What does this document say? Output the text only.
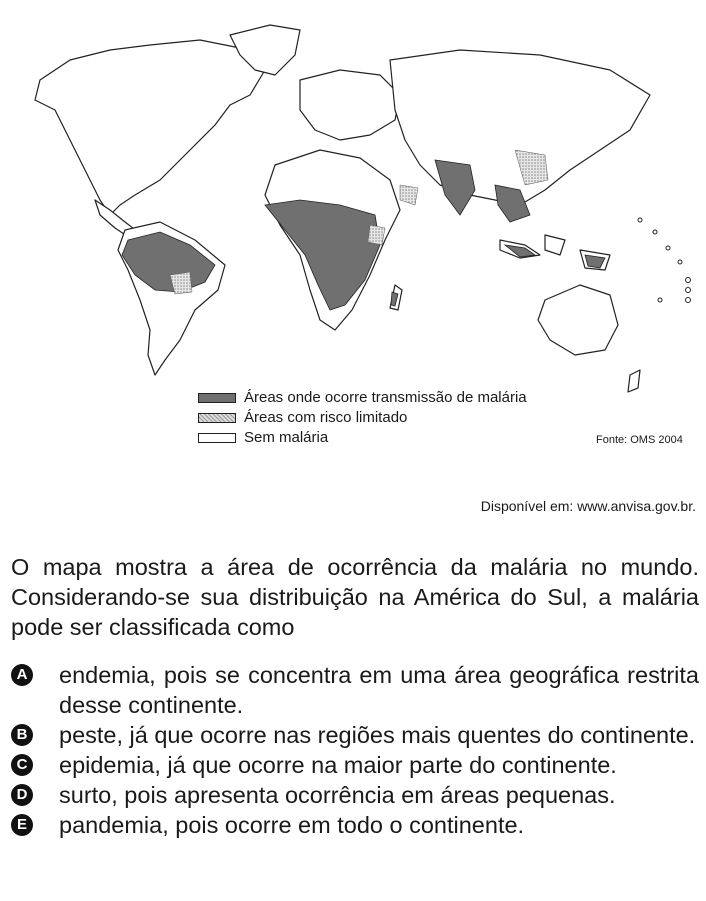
Áreas onde ocorre transmissão de malária
Áreas com risco limitado
Sem malária	Fonte: OMS 2004
Disponível em: www.anvisa.gov.br.

O mapa mostra a área de ocorrência da malária no mundo. Considerando-se sua distribuição na América do Sul, a malária pode ser classificada como

A endemia, pois se concentra em uma área geográfica restrita desse continente.
B peste, já que ocorre nas regiões mais quentes do continente.
C epidemia, já que ocorre na maior parte do continente.
D surto, pois apresenta ocorrência em áreas pequenas.
E pandemia, pois ocorre em todo o continente.
